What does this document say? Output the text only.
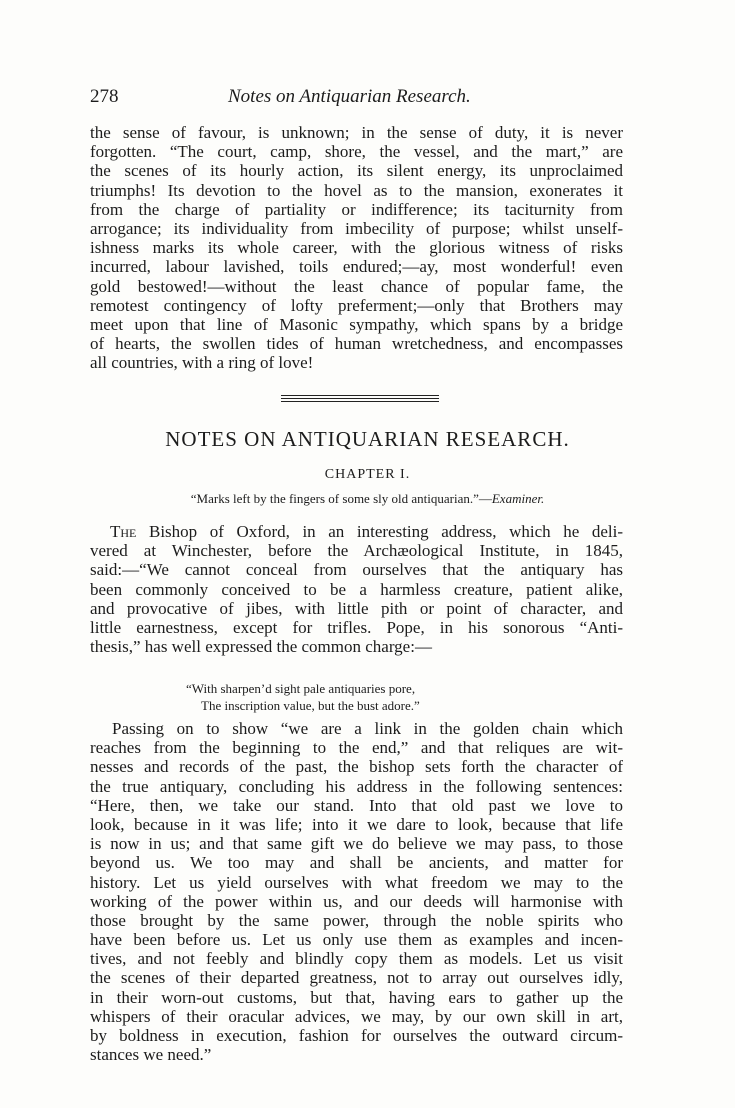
278	Notes on Antiquarian Research.
the sense of favour, is unknown; in the sense of duty, it is never
forgotten. “The court, camp, shore, the vessel, and the mart,” are
the scenes of its hourly action, its silent energy, its unproclaimed
triumphs! Its devotion to the hovel as to the mansion, exonerates it
from the charge of partiality or indifference; its taciturnity from
arrogance; its individuality from imbecility of purpose; whilst unself-
ishness marks its whole career, with the glorious witness of risks
incurred, labour lavished, toils endured;—ay, most wonderful! even
gold bestowed!—without the least chance of popular fame, the
remotest contingency of lofty preferment;—only that Brothers may
meet upon that line of Masonic sympathy, which spans by a bridge
of hearts, the swollen tides of human wretchedness, and encompasses
all countries, with a ring of love!
NOTES ON ANTIQUARIAN RESEARCH.
CHAPTER I.
“Marks left by the fingers of some sly old antiquarian.”—Examiner.
The Bishop of Oxford, in an interesting address, which he deli-
vered at Winchester, before the Archæological Institute, in 1845,
said:—“We cannot conceal from ourselves that the antiquary has
been commonly conceived to be a harmless creature, patient alike,
and provocative of jibes, with little pith or point of character, and
little earnestness, except for trifles. Pope, in his sonorous “Anti-
thesis,” has well expressed the common charge:—
“With sharpen’d sight pale antiquaries pore,
The inscription value, but the bust adore.”
Passing on to show “we are a link in the golden chain which
reaches from the beginning to the end,” and that reliques are wit-
nesses and records of the past, the bishop sets forth the character of
the true antiquary, concluding his address in the following sentences:
“Here, then, we take our stand. Into that old past we love to
look, because in it was life; into it we dare to look, because that life
is now in us; and that same gift we do believe we may pass, to those
beyond us. We too may and shall be ancients, and matter for
history. Let us yield ourselves with what freedom we may to the
working of the power within us, and our deeds will harmonise with
those brought by the same power, through the noble spirits who
have been before us. Let us only use them as examples and incen-
tives, and not feebly and blindly copy them as models. Let us visit
the scenes of their departed greatness, not to array out ourselves idly,
in their worn-out customs, but that, having ears to gather up the
whispers of their oracular advices, we may, by our own skill in art,
by boldness in execution, fashion for ourselves the outward circum-
stances we need.”
